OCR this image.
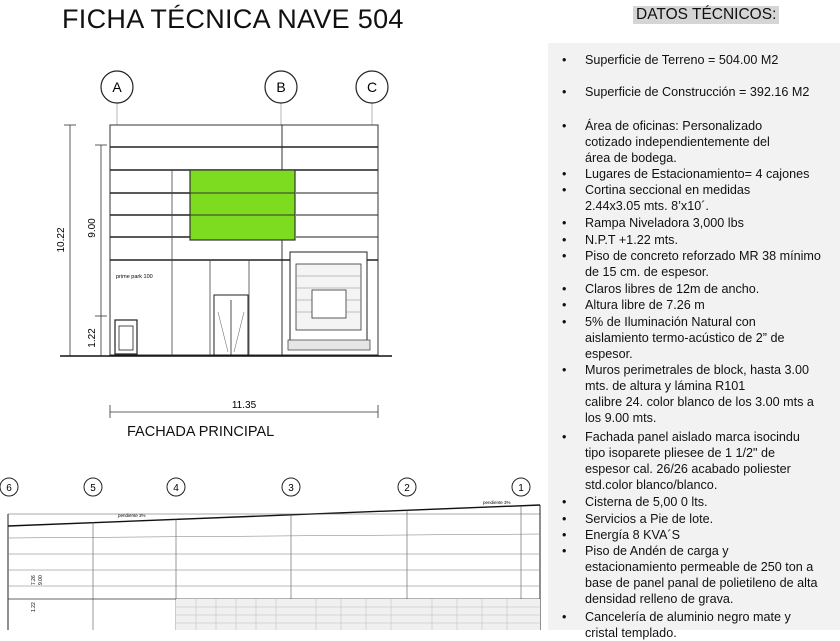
FICHA TÉCNICA NAVE 504	DATOS TÉCNICOS:
A	B	C
10.22 9.00
1.22
prime park 100
11.35
FACHADA PRINCIPAL
6	5	4	3	2	1
pendiente 3%
pendiente 3%
7.26 9.00
1.22
• Superficie de Terreno = 504.00 M2
• Superficie de Construcción = 392.16 M2
• Área de oficinas: Personalizado
cotizado independientemente del
área de bodega.
• Lugares de Estacionamiento= 4 cajones
• Cortina seccional en medidas
2.44x3.05 mts. 8’x10´.
• Rampa Niveladora 3,000 lbs
• N.P.T +1.22 mts.
• Piso de concreto reforzado MR 38 mínimo
de 15 cm. de espesor.
• Claros libres de 12m de ancho.
• Altura libre de 7.26 m
• 5% de Iluminación Natural con
aislamiento termo-acústico de 2” de
espesor.
• Muros perimetrales de block, hasta 3.00
mts. de altura y lámina R101
calibre 24. color blanco de los 3.00 mts a
los 9.00 mts.
• Fachada panel aislado marca isocindu
tipo isoparete pliesee de 1 1/2" de
espesor cal. 26/26 acabado poliester
std.color blanco/blanco.
• Cisterna de 5,00 0 lts.
• Servicios a Pie de lote.
• Energía 8 KVA´S
• Piso de Andén de carga y
estacionamiento permeable de 250 ton a
base de panel panal de polietileno de alta
densidad relleno de grava.
• Cancelería de aluminio negro mate y
cristal templado.
